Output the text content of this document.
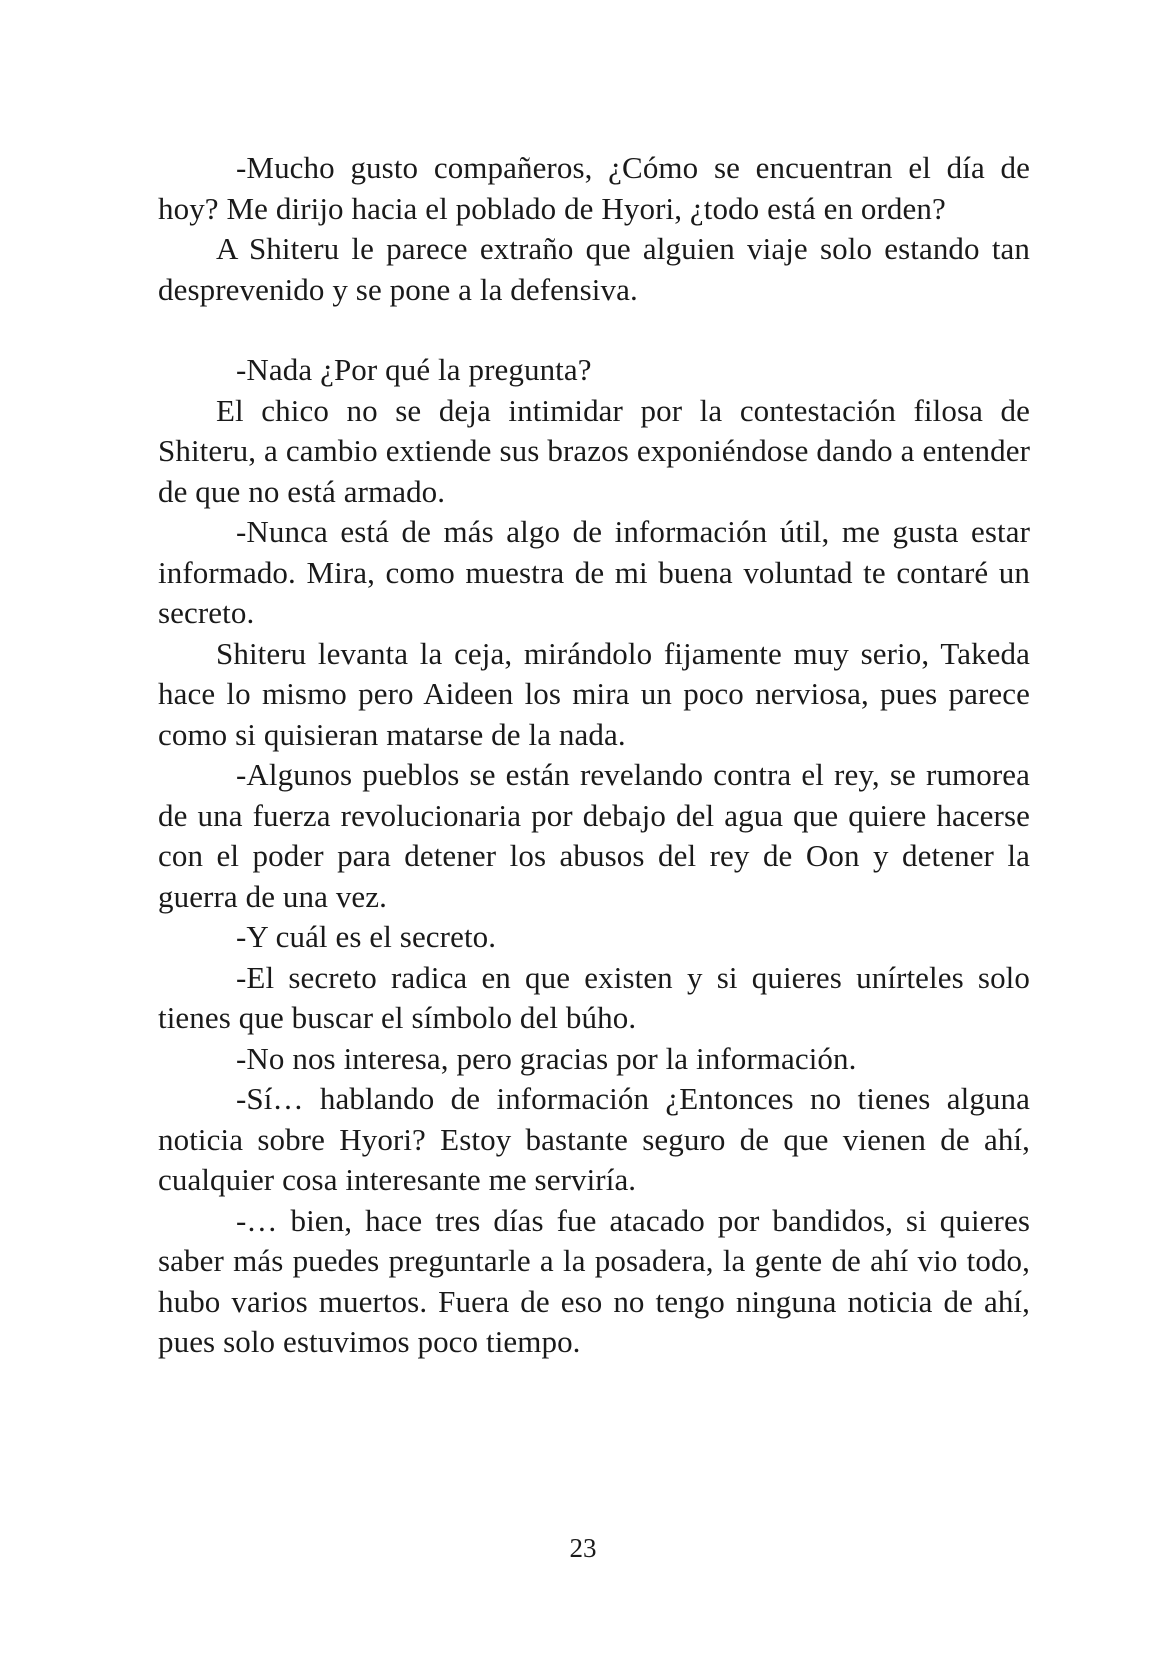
-Mucho gusto compañeros, ¿Cómo se encuentran el día de hoy? Me dirijo hacia el poblado de Hyori, ¿todo está en orden?

A Shiteru le parece extraño que alguien viaje solo estando tan desprevenido y se pone a la defensiva.

-Nada ¿Por qué la pregunta?

El chico no se deja intimidar por la contestación filosa de Shiteru, a cambio extiende sus brazos exponiéndose dando a entender de que no está armado.

-Nunca está de más algo de información útil, me gusta estar informado. Mira, como muestra de mi buena voluntad te contaré un secreto.

Shiteru levanta la ceja, mirándolo fijamente muy serio, Takeda hace lo mismo pero Aideen los mira un poco nerviosa, pues parece como si quisieran matarse de la nada.

-Algunos pueblos se están revelando contra el rey, se rumorea de una fuerza revolucionaria por debajo del agua que quiere hacerse con el poder para detener los abusos del rey de Oon y detener la guerra de una vez.

-Y cuál es el secreto.

-El secreto radica en que existen y si quieres unírteles solo tienes que buscar el símbolo del búho.

-No nos interesa, pero gracias por la información.

-Sí… hablando de información ¿Entonces no tienes alguna noticia sobre Hyori? Estoy bastante seguro de que vienen de ahí, cualquier cosa interesante me serviría.

-… bien, hace tres días fue atacado por bandidos, si quieres saber más puedes preguntarle a la posadera, la gente de ahí vio todo, hubo varios muertos. Fuera de eso no tengo ninguna noticia de ahí, pues solo estuvimos poco tiempo.

23
